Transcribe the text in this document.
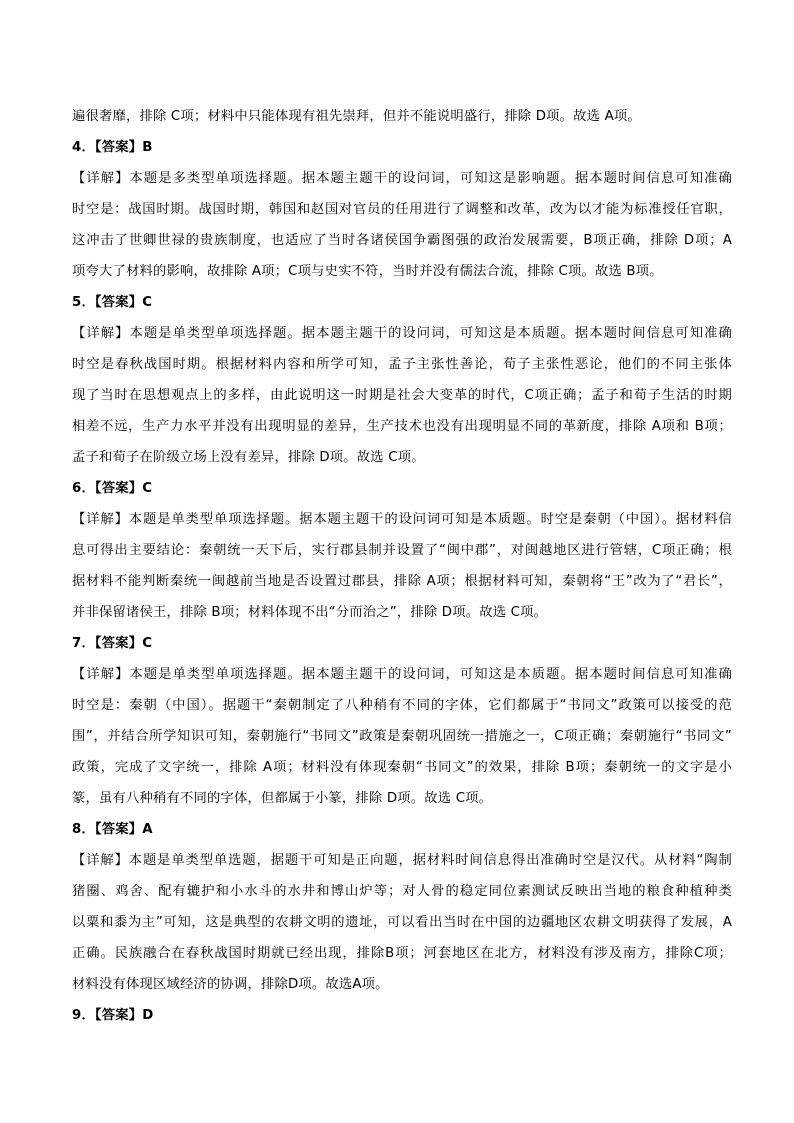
遍很奢靡，排除 C项；材料中只能体现有祖先崇拜，但并不能说明盛行，排除 D项。故选 A项。
4．【答案】B
【详解】本题是多类型单项选择题。据本题主题干的设问词，可知这是影响题。据本题时间信息可知准确
时空是：战国时期。战国时期，韩国和赵国对官员的任用进行了调整和改革，改为以才能为标准授任官职，
这冲击了世卿世禄的贵族制度，也适应了当时各诸侯国争霸图强的政治发展需要，B项正确，排除 D项；A
项夸大了材料的影响，故排除 A项；C项与史实不符，当时并没有儒法合流，排除 C项。故选 B项。
5．【答案】C
【详解】本题是单类型单项选择题。据本题主题干的设问词，可知这是本质题。据本题时间信息可知准确
时空是春秋战国时期。根据材料内容和所学可知，孟子主张性善论，荀子主张性恶论，他们的不同主张体
现了当时在思想观点上的多样，由此说明这一时期是社会大变革的时代，C项正确；孟子和荀子生活的时期
相差不远，生产力水平并没有出现明显的差异，生产技术也没有出现明显不同的革新度，排除 A项和 B项；
孟子和荀子在阶级立场上没有差异，排除 D项。故选 C项。
6．【答案】C
【详解】本题是单类型单项选择题。据本题主题干的设问词可知是本质题。时空是秦朝（中国）。据材料信
息可得出主要结论：秦朝统一天下后，实行郡县制并设置了“闽中郡”，对闽越地区进行管辖，C项正确；根
据材料不能判断秦统一闽越前当地是否设置过郡县，排除 A项；根据材料可知，秦朝将“王”改为了“君长”，
并非保留诸侯王，排除 B项；材料体现不出“分而治之”，排除 D项。故选 C项。
7．【答案】C
【详解】本题是单类型单项选择题。据本题主题干的设问词，可知这是本质题。据本题时间信息可知准确
时空是：秦朝（中国）。据题干“秦朝制定了八种稍有不同的字体，它们都属于“书同文”政策可以接受的范
围”，并结合所学知识可知，秦朝施行“书同文”政策是秦朝巩固统一措施之一，C项正确；秦朝施行“书同文”
政策，完成了文字统一，排除 A项；材料没有体现秦朝“书同文”的效果，排除 B项；秦朝统一的文字是小
篆，虽有八种稍有不同的字体，但都属于小篆，排除 D项。故选 C项。
8．【答案】A
【详解】本题是单类型单选题，据题干可知是正向题，据材料时间信息得出准确时空是汉代。从材料“陶制
猪圈、鸡舍、配有辘护和小水斗的水井和博山炉等；对人骨的稳定同位素测试反映出当地的粮食种植种类
以粟和黍为主”可知，这是典型的农耕文明的遗址，可以看出当时在中国的边疆地区农耕文明获得了发展，A
正确。民族融合在春秋战国时期就已经出现，排除B项；河套地区在北方，材料没有涉及南方，排除C项；
材料没有体现区域经济的协调，排除D项。故选A项。
9．【答案】D
